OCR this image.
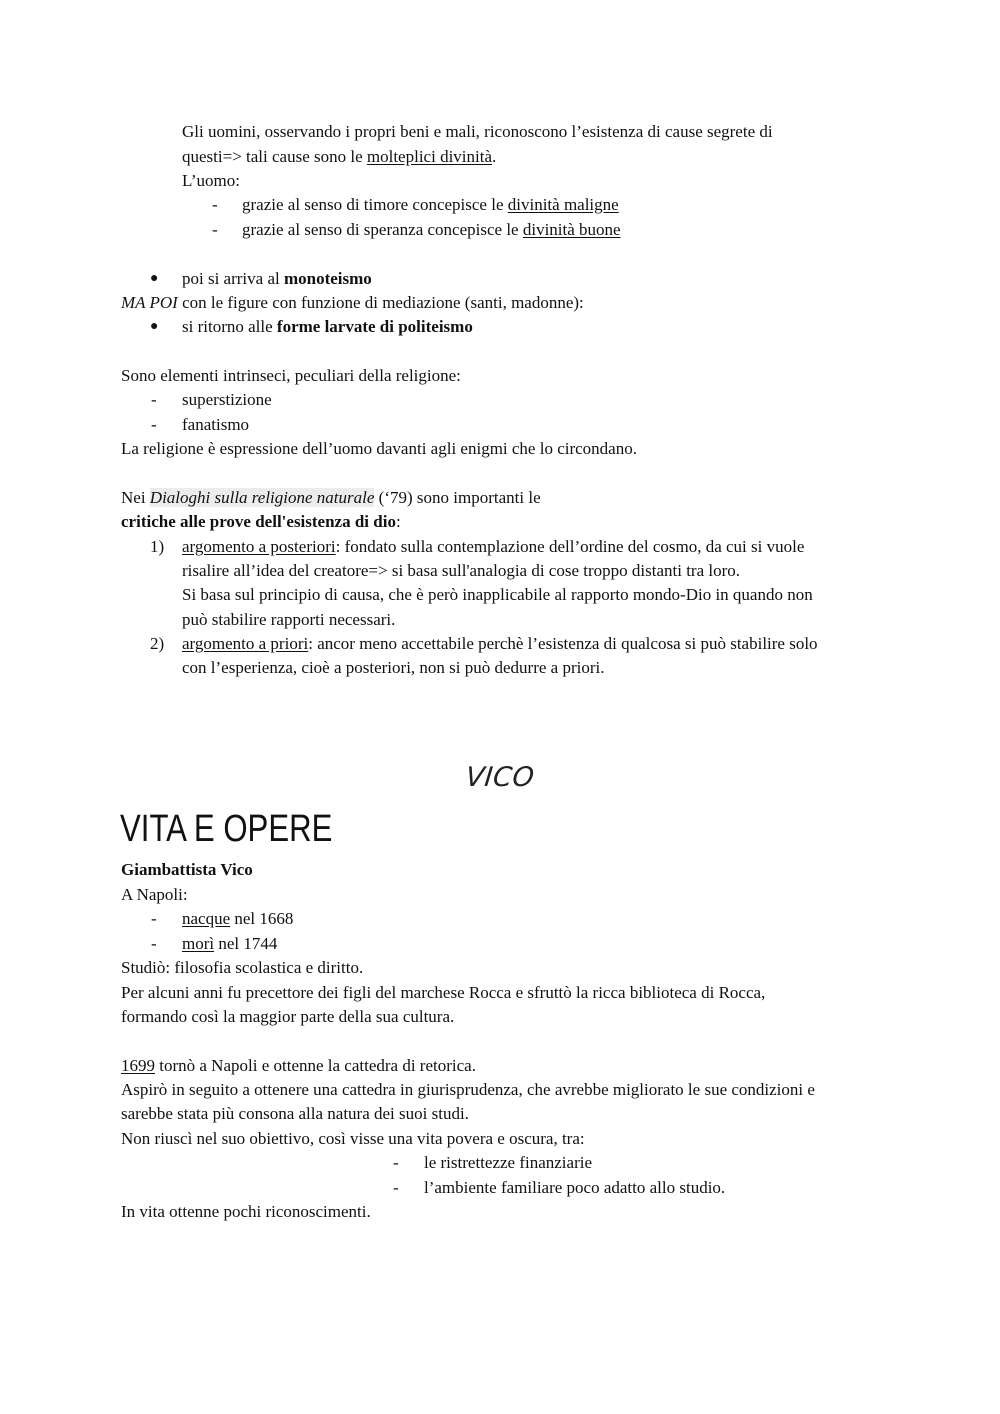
Gli uomini, osservando i propri beni e mali, riconoscono l’esistenza di cause segrete di
questi=> tali cause sono le molteplici divinità.
L’uomo:
- grazie al senso di timore concepisce le divinità maligne
- grazie al senso di speranza concepisce le divinità buone
● poi si arriva al monoteismo
MA POI con le figure con funzione di mediazione (santi, madonne):
● si ritorno alle forme larvate di politeismo
Sono elementi intrinseci, peculiari della religione:
- superstizione
- fanatismo
La religione è espressione dell’uomo davanti agli enigmi che lo circondano.
Nei Dialoghi sulla religione naturale (‘79) sono importanti le
critiche alle prove dell'esistenza di dio:
1) argomento a posteriori: fondato sulla contemplazione dell’ordine del cosmo, da cui si vuole
risalire all’idea del creatore=> si basa sull'analogia di cose troppo distanti tra loro.
Si basa sul principio di causa, che è però inapplicabile al rapporto mondo-Dio in quando non
può stabilire rapporti necessari.
2) argomento a priori: ancor meno accettabile perchè l’esistenza di qualcosa si può stabilire solo
con l’esperienza, cioè a posteriori, non si può dedurre a priori.
VICO
VITA E OPERE
Giambattista Vico
A Napoli:
- nacque nel 1668
- morì nel 1744
Studiò: filosofia scolastica e diritto.
Per alcuni anni fu precettore dei figli del marchese Rocca e sfruttò la ricca biblioteca di Rocca,
formando così la maggior parte della sua cultura.
1699 tornò a Napoli e ottenne la cattedra di retorica.
Aspirò in seguito a ottenere una cattedra in giurisprudenza, che avrebbe migliorato le sue condizioni e
sarebbe stata più consona alla natura dei suoi studi.
Non riuscì nel suo obiettivo, così visse una vita povera e oscura, tra:
- le ristrettezze finanziarie
- l’ambiente familiare poco adatto allo studio.
In vita ottenne pochi riconoscimenti.
